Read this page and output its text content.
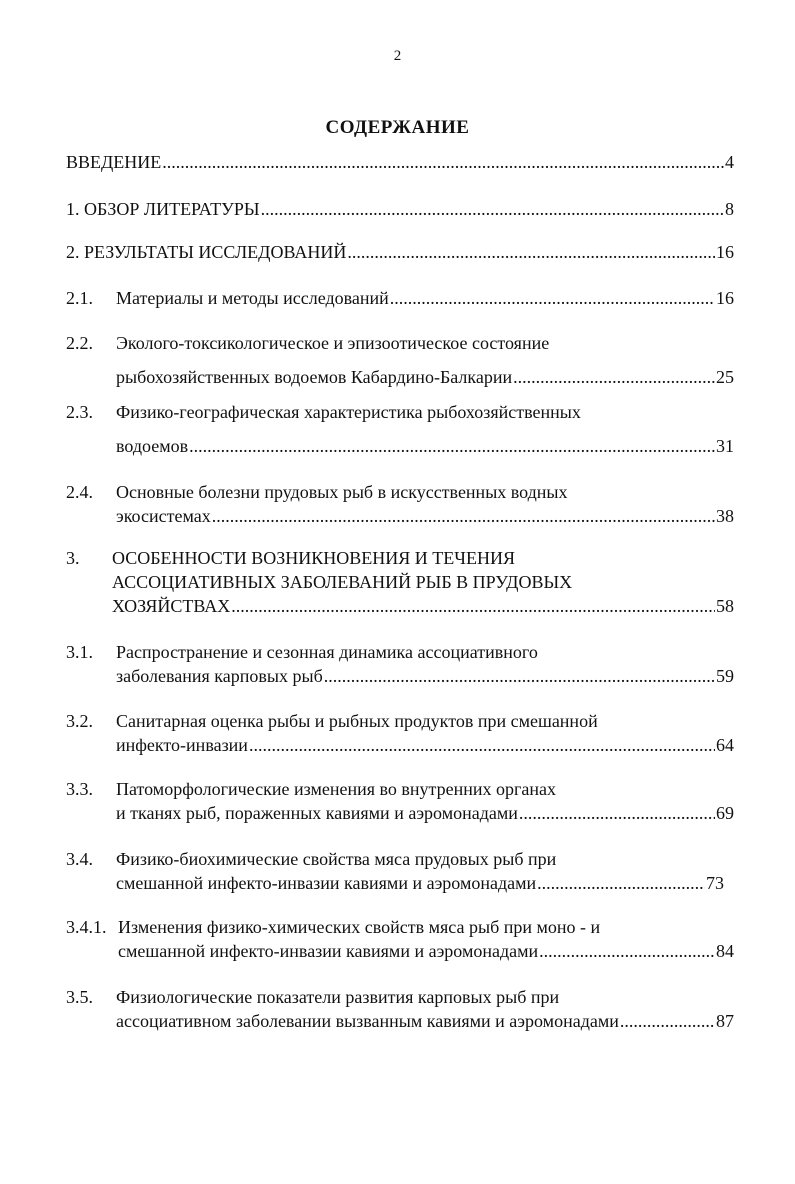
2
СОДЕРЖАНИЕ
ВВЕДЕНИЕ .....	4
1. ОБЗОР ЛИТЕРАТУРЫ .....	8
2. РЕЗУЛЬТАТЫ ИССЛЕДОВАНИЙ .....	16
2.1. Материалы и методы исследований .....	16
2.2. Эколого-токсикологическое и эпизоотическое состояние
рыбохозяйственных водоемов Кабардино-Балкарии .....	25
2.3. Физико-географическая характеристика рыбохозяйственных
водоемов .....	31
2.4. Основные болезни прудовых рыб в искусственных водных
экосистемах .....	38
3. ОСОБЕННОСТИ ВОЗНИКНОВЕНИЯ И ТЕЧЕНИЯ
АССОЦИАТИВНЫХ ЗАБОЛЕВАНИЙ РЫБ В ПРУДОВЫХ
ХОЗЯЙСТВАХ .....	58
3.1. Распространение и сезонная динамика ассоциативного
заболевания карповых рыб .....	59
3.2. Санитарная оценка рыбы и рыбных продуктов при смешанной
инфекто-инвазии .....	64
3.3. Патоморфологические изменения во внутренних органах
и тканях рыб, пораженных кавиями и аэромонадами .....	69
3.4. Физико-биохимические свойства мяса прудовых рыб при
смешанной инфекто-инвазии кавиями и аэромонадами .....	73
3.4.1. Изменения физико-химических свойств мяса рыб при моно - и
смешанной инфекто-инвазии кавиями и аэромонадами .....	84
3.5. Физиологические показатели развития карповых рыб при
ассоциативном заболевании вызванным кавиями и аэромонадами .....	87
